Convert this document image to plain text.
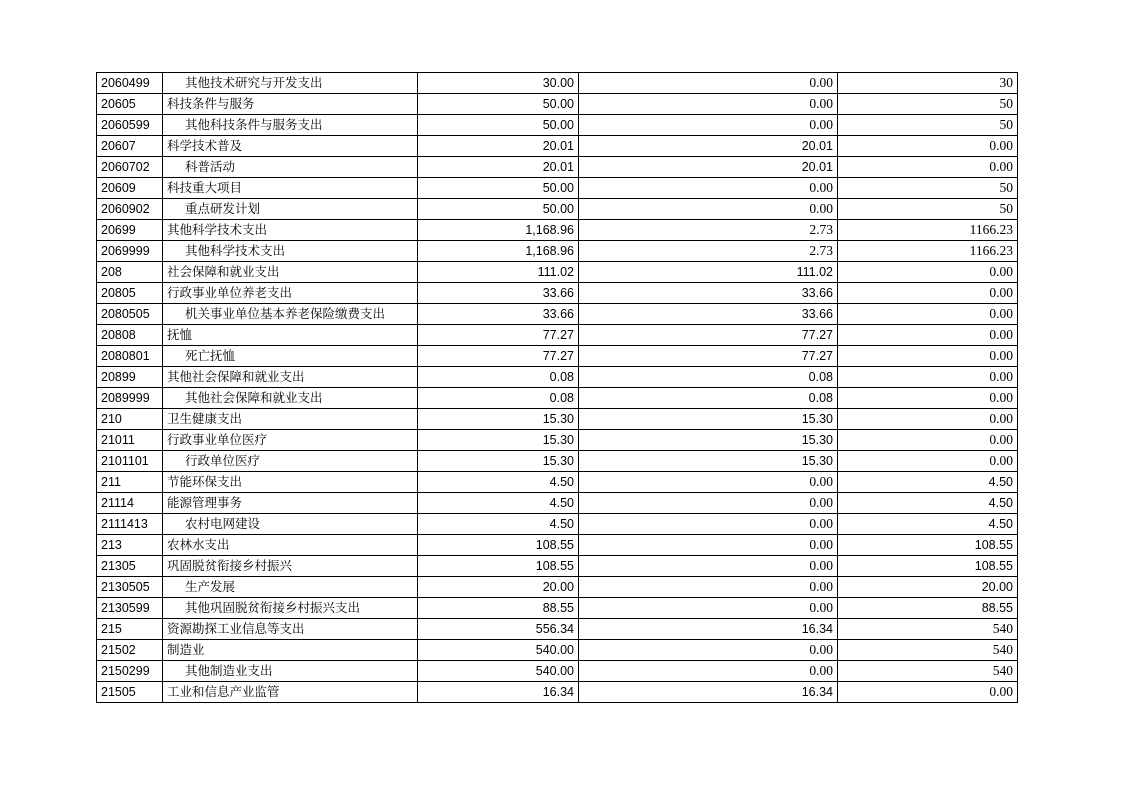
2060499	其他技术研究与开发支出	30.00	0.00	30
20605	科技条件与服务	50.00	0.00	50
2060599	其他科技条件与服务支出	50.00	0.00	50
20607	科学技术普及	20.01	20.01	0.00
2060702	科普活动	20.01	20.01	0.00
20609	科技重大项目	50.00	0.00	50
2060902	重点研发计划	50.00	0.00	50
20699	其他科学技术支出	1,168.96	2.73	1166.23
2069999	其他科学技术支出	1,168.96	2.73	1166.23
208	社会保障和就业支出	111.02	111.02	0.00
20805	行政事业单位养老支出	33.66	33.66	0.00
2080505	机关事业单位基本养老保险缴费支出	33.66	33.66	0.00
20808	抚恤	77.27	77.27	0.00
2080801	死亡抚恤	77.27	77.27	0.00
20899	其他社会保障和就业支出	0.08	0.08	0.00
2089999	其他社会保障和就业支出	0.08	0.08	0.00
210	卫生健康支出	15.30	15.30	0.00
21011	行政事业单位医疗	15.30	15.30	0.00
2101101	行政单位医疗	15.30	15.30	0.00
211	节能环保支出	4.50	0.00	4.50
21114	能源管理事务	4.50	0.00	4.50
2111413	农村电网建设	4.50	0.00	4.50
213	农林水支出	108.55	0.00	108.55
21305	巩固脱贫衔接乡村振兴	108.55	0.00	108.55
2130505	生产发展	20.00	0.00	20.00
2130599	其他巩固脱贫衔接乡村振兴支出	88.55	0.00	88.55
215	资源勘探工业信息等支出	556.34	16.34	540
21502	制造业	540.00	0.00	540
2150299	其他制造业支出	540.00	0.00	540
21505	工业和信息产业监管	16.34	16.34	0.00
